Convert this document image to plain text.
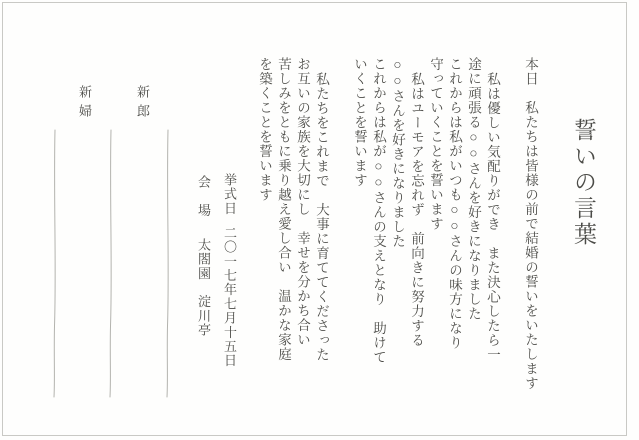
誓いの言葉

本日　私たちは皆様の前で結婚の誓いをいたします

私は優しい気配りができ　また決心したら一

途に頑張る○○さんを好きになりました

これからは私がいつも○○さんの味方になり

守っていくことを誓います

私はユーモアを忘れず　前向きに努力する

○○さんを好きになりました

これからは私が○○さんの支えとなり　助けて

いくことを誓います

私たちをこれまで　大事に育ててくださった

お互いの家族を大切にし　幸せを分かち合い

苦しみをともに乗り越え愛し合い　温かな家庭

を築くことを誓います

新郎
新婦
挙式日二〇一七年七月十五日
会　場太閤園　淀川亭
